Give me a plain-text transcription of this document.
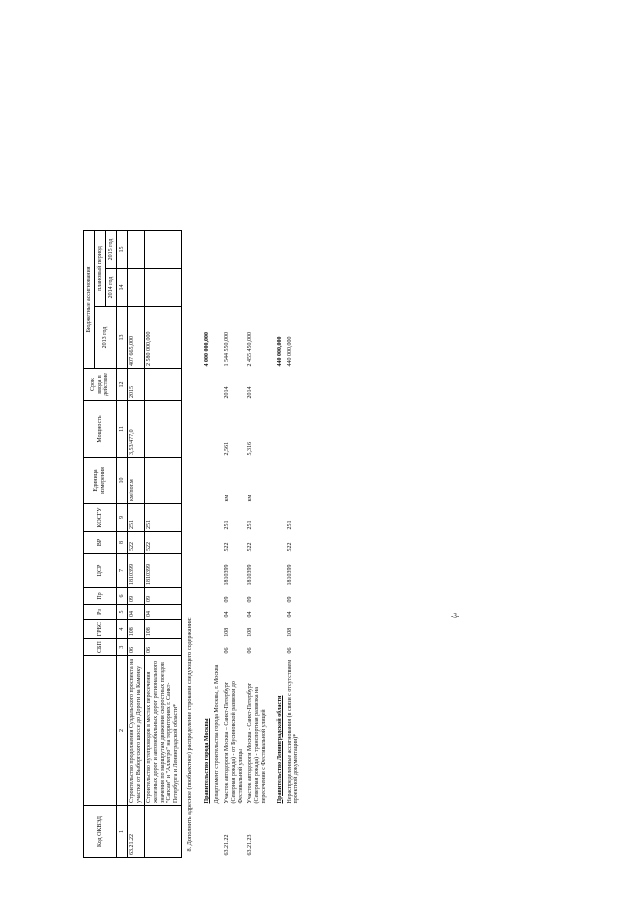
Код ОКВЭД		СБП	ГРБС	Рз	Пр	ЦСР	ВР	КОСГУ	Единица измерения	Мощность	Срок ввода в действие	Бюджетные ассигнования		
												2013 год	плановый период	
													2014 год	2015 год
1	2	3	4	5	6	7	8	9	10	11	12	13	14	15
63.21.22	Строительство продолжения Суздальского проспекта на участке от Выборгского шоссе до Дороги на Каменку	06	108	04	09	1810399	522	251	км/пог.м	3,53/477,0	2015	407 665,000		
	Строительство путепроводов в местах пересечения железных дорог и автомобильных дорог регионального значения по маршрутам движения скоростных поездов "Сапсан" и "Аллегро" на территориях г. Санкт-Петербурга и Ленинградской области*	06	108	04	09	1810399	522	251				2 580 000,000		
8. Дополнить адресное (пообъектное) распределение строками следующего содержания:														

	Правительство города Москвы											4 000 000,000		
	Департамент строительства города Москвы, г. Москва													
63.21.22	Участок автодороги Москва – Санкт-Петербург (Северная рокада) - от Бусиновской развязки до Фестивальной улицы	06	108	04	09	1810399	522	251	км	2,561	2014	1 544 550,000		
63.21.23	Участок автодороги Москва - Санкт-Петербург (Северная рокада) - транспортная развязка на пересечении с Фестивальной улицей	06	108	04	09	1810399	522	251	км	5,316	2014	2 455 450,000		

	Правительство Ленинградской области											440 000,000		
	Нераспределенные ассигнования (в связи с отсутствием проектной документации)*	06	108	04	09	1810399	522	251				440 000,000		
-3-
